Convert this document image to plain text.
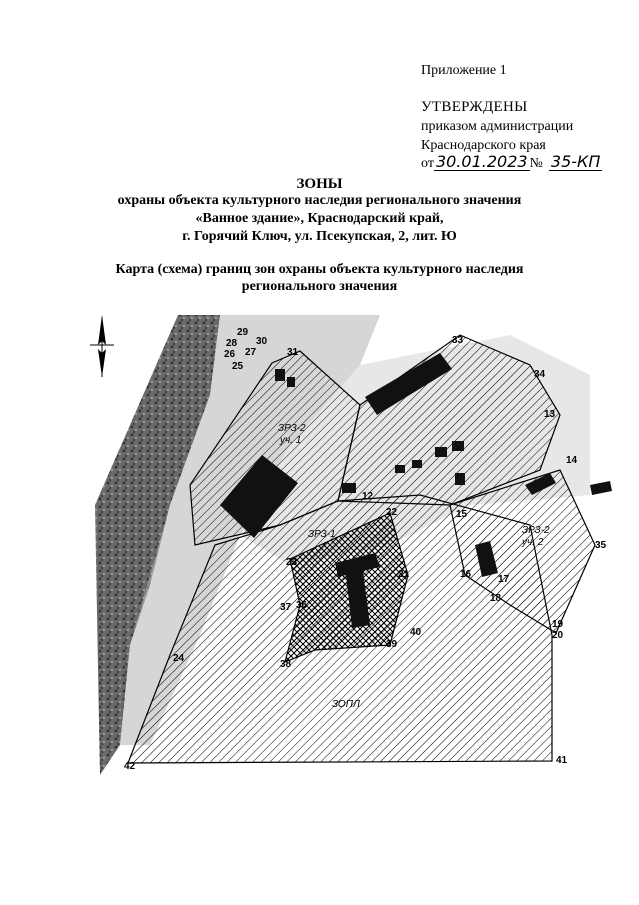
Приложение 1
УТВЕРЖДЕНЫ
приказом администрации
Краснодарского края
от 30.01.2023 № 35-КП
ЗОНЫ
охраны объекта культурного наследия регионального значения
«Ванное здание», Краснодарский край,
г. Горячий Ключ, ул. Псекупская, 2, лит. Ю
Карта (схема) границ зон охраны объекта культурного наследия
регионального значения
ЗРЗ-2
уч. 1
ЗРЗ-1	ЗРЗ-2
уч. 2
ЗОПЛ
29
28
26 27
25
31
30	33
34
13
14
12
22
21
23
37 36
39
40
38
15
16	17
18
19
20
35
24
41
42
